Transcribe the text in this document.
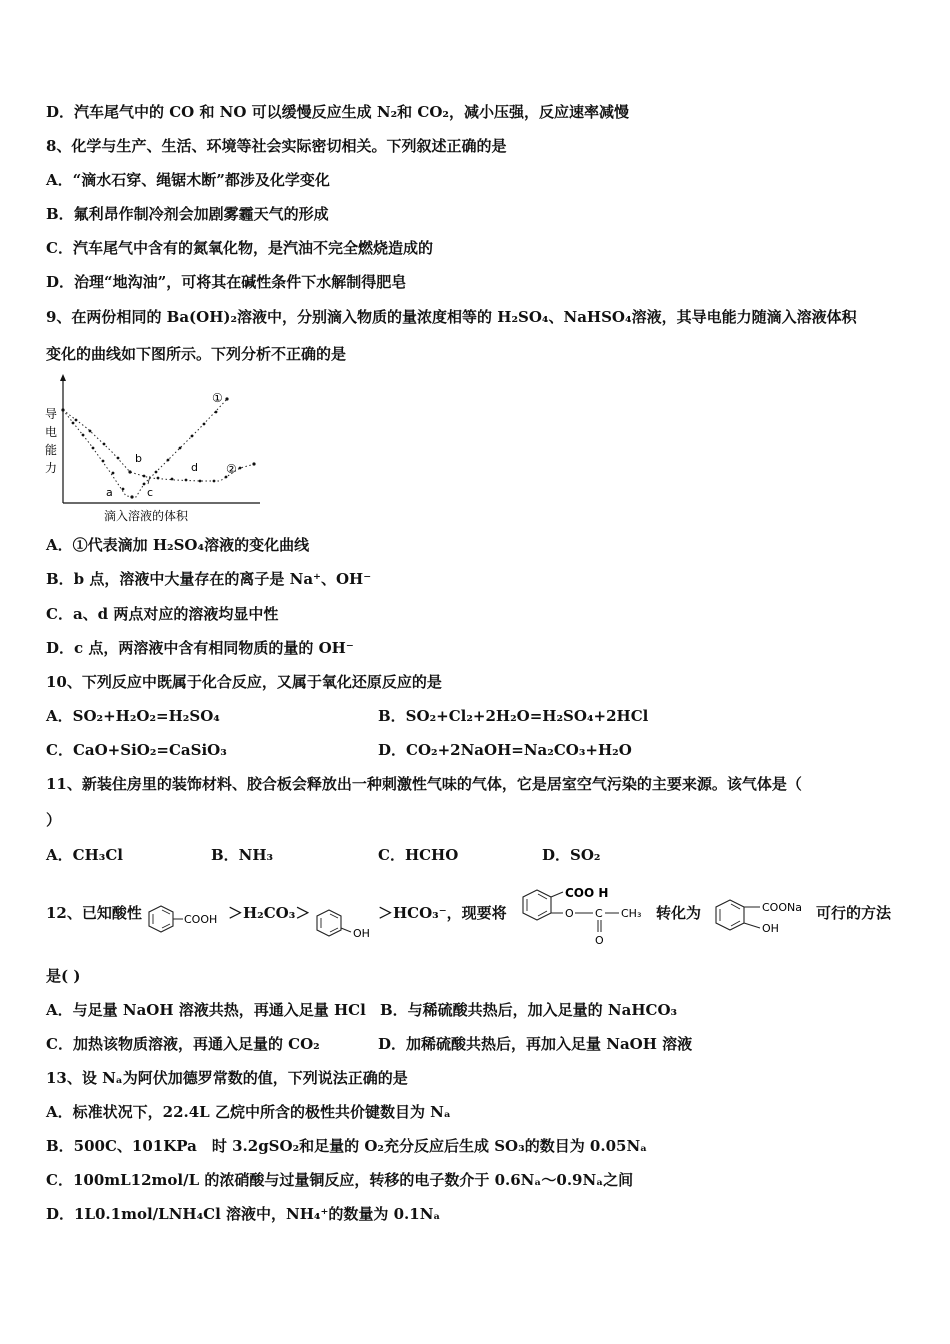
D．汽车尾气中的 CO 和 NO 可以缓慢反应生成 N₂和 CO₂，减小压强，反应速率减慢
8、化学与生产、生活、环境等社会实际密切相关。下列叙述正确的是
A．“滴水石穿、绳锯木断”都涉及化学变化
B．氟利昂作制冷剂会加剧雾霾天气的形成
C．汽车尾气中含有的氮氧化物，是汽油不完全燃烧造成的
D．治理“地沟油”，可将其在碱性条件下水解制得肥皂
9、在两份相同的 Ba(OH)₂溶液中，分别滴入物质的量浓度相等的 H₂SO₄、NaHSO₄溶液，其导电能力随滴入溶液体积
变化的曲线如下图所示。下列分析不正确的是
导
电
能
力
a
b
c
d
①
②
滴入溶液的体积
A．①代表滴加 H₂SO₄溶液的变化曲线
B．b 点，溶液中大量存在的离子是 Na⁺、OH⁻
C．a、d 两点对应的溶液均显中性
D．c 点，两溶液中含有相同物质的量的 OH⁻
10、下列反应中既属于化合反应，又属于氧化还原反应的是
A．SO₂+H₂O₂=H₂SO₄	B．SO₂+Cl₂+2H₂O=H₂SO₄+2HCl
C．CaO+SiO₂=CaSiO₃	D．CO₂+2NaOH=Na₂CO₃+H₂O
11、新装住房里的装饰材料、胶合板会释放出一种刺激性气味的气体，它是居室空气污染的主要来源。该气体是（
）
A．CH₃Cl	B．NH₃	C．HCHO	D．SO₂
12、已知酸性	COOH ＞H₂CO₃＞
OH
＞HCO₃⁻，现要将
COO H
O C CH₃
O
转化为	COONa
OH
可行的方法
是( )
A．与足量 NaOH 溶液共热，再通入足量 HCl B．与稀硫酸共热后，加入足量的 NaHCO₃
C．加热该物质溶液，再通入足量的 CO₂	D．加稀硫酸共热后，再加入足量 NaOH 溶液
13、设 Nₐ为阿伏加德罗常数的值，下列说法正确的是
A．标准状况下，22.4L 乙烷中所含的极性共价键数目为 Nₐ
B．500C、101KPa　时 3.2gSO₂和足量的 O₂充分反应后生成 SO₃的数目为 0.05Nₐ
C．100mL12mol/L 的浓硝酸与过量铜反应，转移的电子数介于 0.6Nₐ～0.9Nₐ之间
D．1L0.1mol/LNH₄Cl 溶液中，NH₄⁺的数量为 0.1Nₐ
